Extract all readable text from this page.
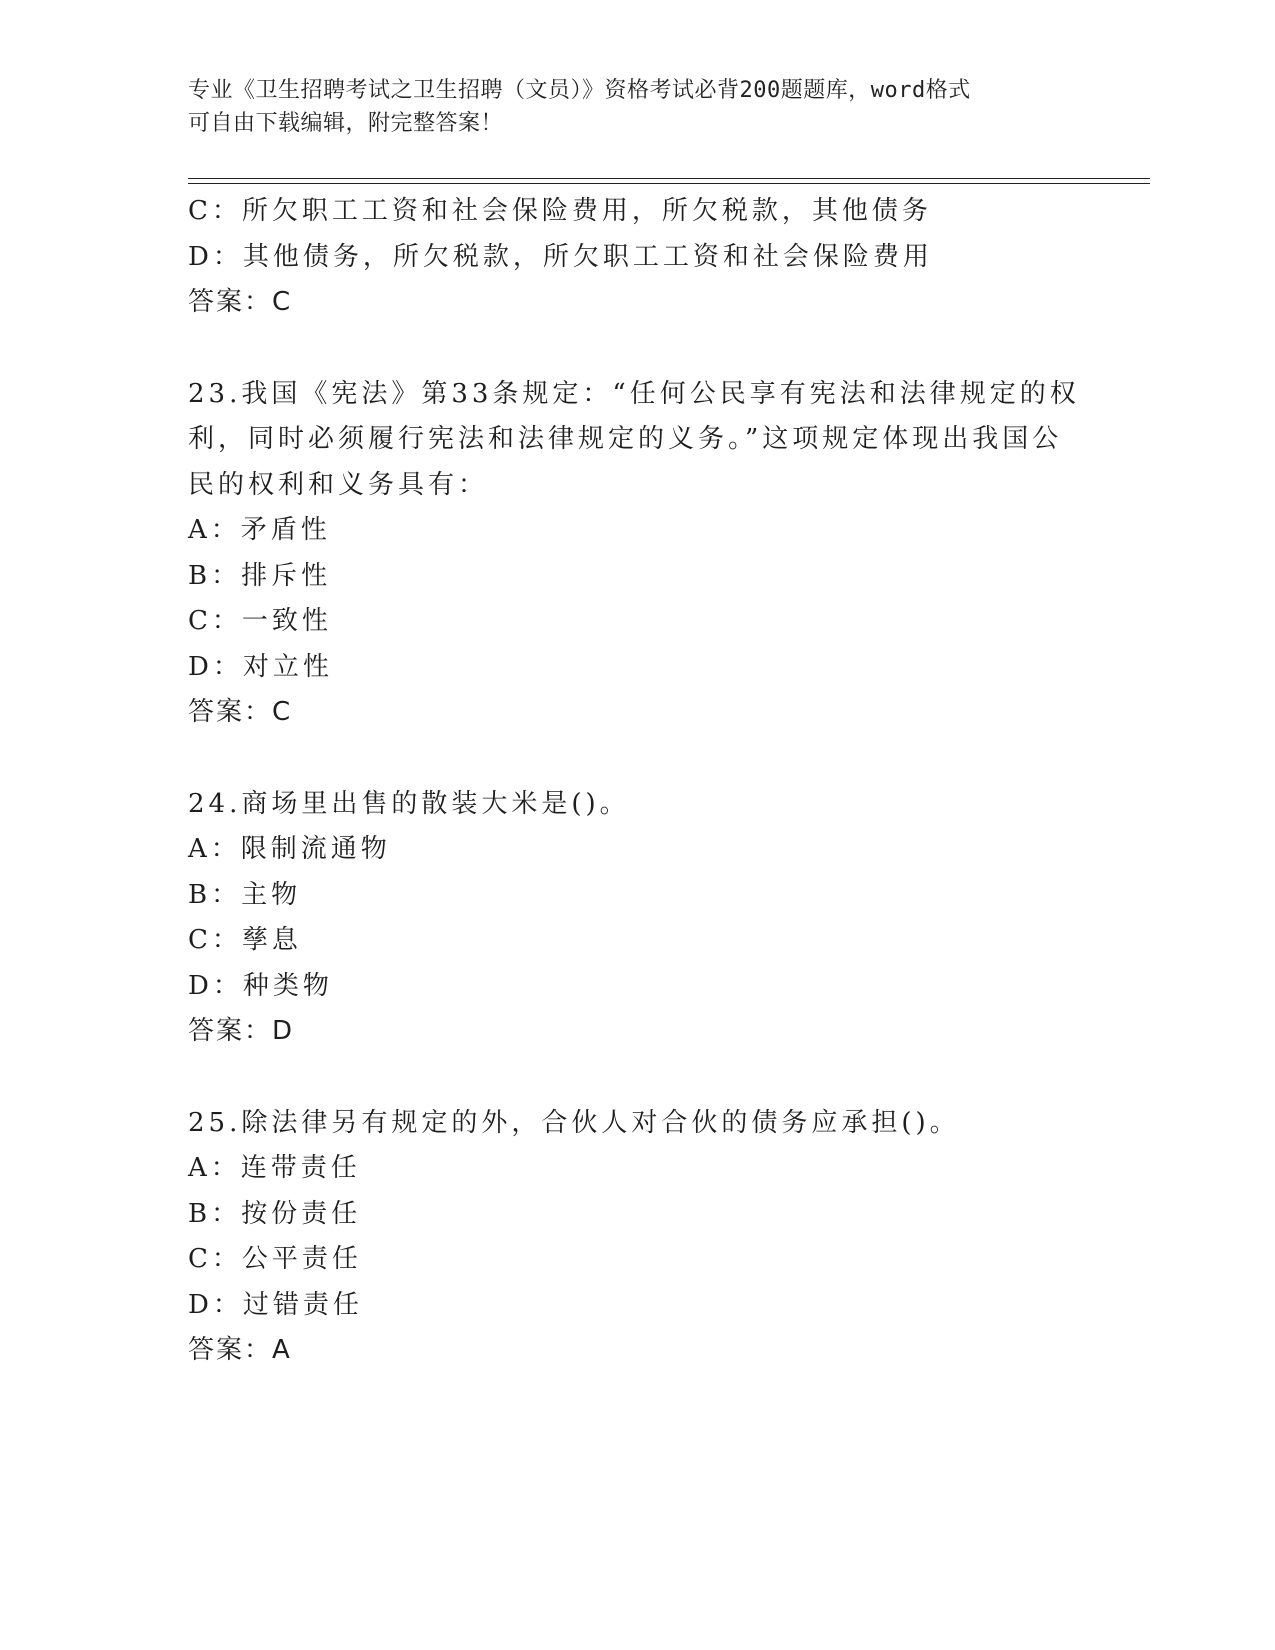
专业《卫生招聘考试之卫生招聘（文员）》资格考试必背200题题库，word格式
可自由下载编辑，附完整答案！
C：所欠职工工资和社会保险费用，所欠税款，其他债务
D：其他债务，所欠税款，所欠职工工资和社会保险费用
答案：C
23.我国《宪法》第33条规定：“任何公民享有宪法和法律规定的权
利，同时必须履行宪法和法律规定的义务。”这项规定体现出我国公
民的权利和义务具有：
A：矛盾性
B：排斥性
C：一致性
D：对立性
答案：C
24.商场里出售的散装大米是()。
A：限制流通物
B：主物
C：孳息
D：种类物
答案：D
25.除法律另有规定的外，合伙人对合伙的债务应承担()。
A：连带责任
B：按份责任
C：公平责任
D：过错责任
答案：A
